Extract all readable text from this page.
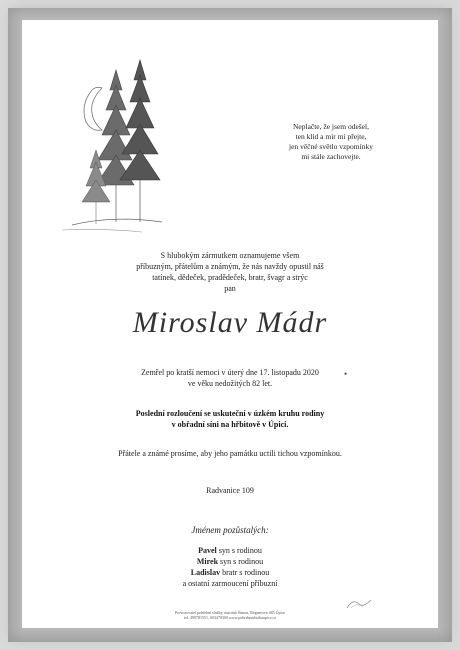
Neplačte, že jsem odešel,
ten klid a mír mi přejte,
jen věčné světlo vzpomínky
mi stále zachovejte.
S hlubokým zármutkem oznamujeme všem
příbuzným, přátelům a známým, že nás navždy opustil náš
tatínek, dědeček, pradědeček, bratr, švagr a strýc
pan
Miroslav Mádr
Zemřel po kratší nemoci v úterý dne 17. listopadu 2020
ve věku nedožitých 82 let.
•
Poslední rozloučení se uskuteční v úzkém kruhu rodiny
v obřadní síni na hřbitově v Úpici.
Přátele a známé prosíme, aby jeho památku uctili tichou vzpomínkou.
Radvanice 109
Jménem pozůstalých:
Pavel syn s rodinou
Mirek syn s rodinou
Ladislav bratr s rodinou
a ostatní zarmoucení příbuzní
Provozovatel pohřební služby, martinů Šimon, Regnerova 485 Úpice
tel. 499781551, 603478300 www.pohrebnisluzbaupice.cz
